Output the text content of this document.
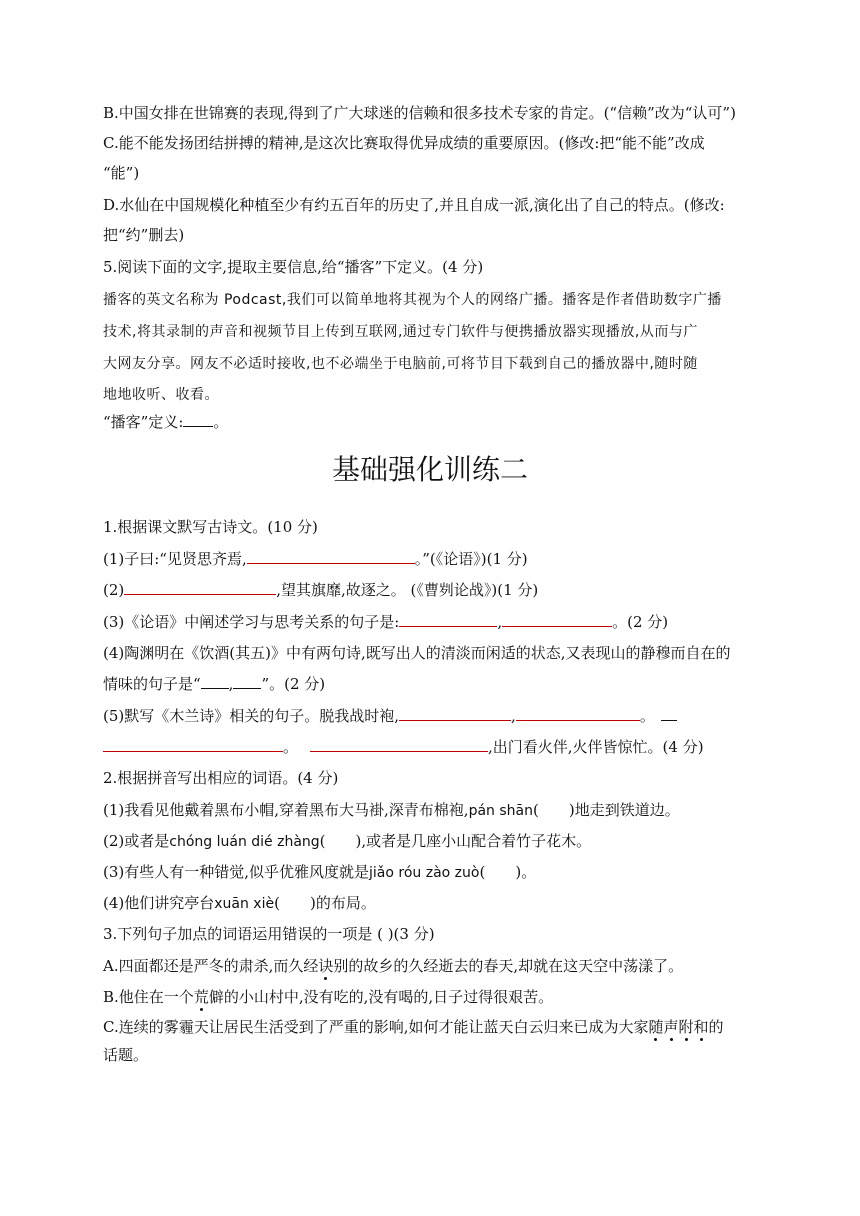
B.中国女排在世锦赛的表现,得到了广大球迷的信赖和很多技术专家的肯定。(“信赖”改为“认可”)
C.能不能发扬团结拼搏的精神,是这次比赛取得优异成绩的重要原因。(修改:把“能不能”改成
“能”)
D.水仙在中国规模化种植至少有约五百年的历史了,并且自成一派,演化出了自己的特点。(修改:
把“约”删去)
5.阅读下面的文字,提取主要信息,给“播客”下定义。(4 分)
播客的英文名称为 Podcast,我们可以简单地将其视为个人的网络广播。播客是作者借助数字广播
技术,将其录制的声音和视频节目上传到互联网,通过专门软件与便携播放器实现播放,从而与广
大网友分享。网友不必适时接收,也不必端坐于电脑前,可将节目下载到自己的播放器中,随时随
地地收听、收看。
“播客”定义: 。
基础强化训练二
1.根据课文默写古诗文。(10 分)
(1)子曰:“见贤思齐焉,	。”(《论语》)(1 分)
(2)	,望其旗靡,故逐之。 (《曹刿论战》)(1 分)
(3)《论语》中阐述学习与思考关系的句子是:	,	。(2 分)
(4)陶渊明在《饮酒(其五)》中有两句诗,既写出人的清淡而闲适的状态,又表现山的静穆而自在的
情味的句子是“ , ”。(2 分)
(5)默写《木兰诗》相关的句子。脱我战时袍,	,	。
。	,出门看火伴,火伴皆惊忙。(4 分)
2.根据拼音写出相应的词语。(4 分)
(1)我看见他戴着黑布小帽,穿着黑布大马褂,深青布棉袍,pán shān( )地走到铁道边。
(2)或者是chóng luán dié zhàng( ),或者是几座小山配合着竹子花木。
(3)有些人有一种错觉,似乎优雅风度就是jiǎo róu zào zuò( )。
(4)他们讲究亭台xuān xiè( )的布局。
3.下列句子加点的词语运用错误的一项是 ( )(3 分)
A.四面都还是严冬的肃杀,而久经诀别的故乡的久经逝去的春天,却就在这天空中荡漾了。
B.他住在一个荒僻的小山村中,没有吃的,没有喝的,日子过得很艰苦。
C.连续的雾霾天让居民生活受到了严重的影响,如何才能让蓝天白云归来已成为大家随声附和的
话题。
